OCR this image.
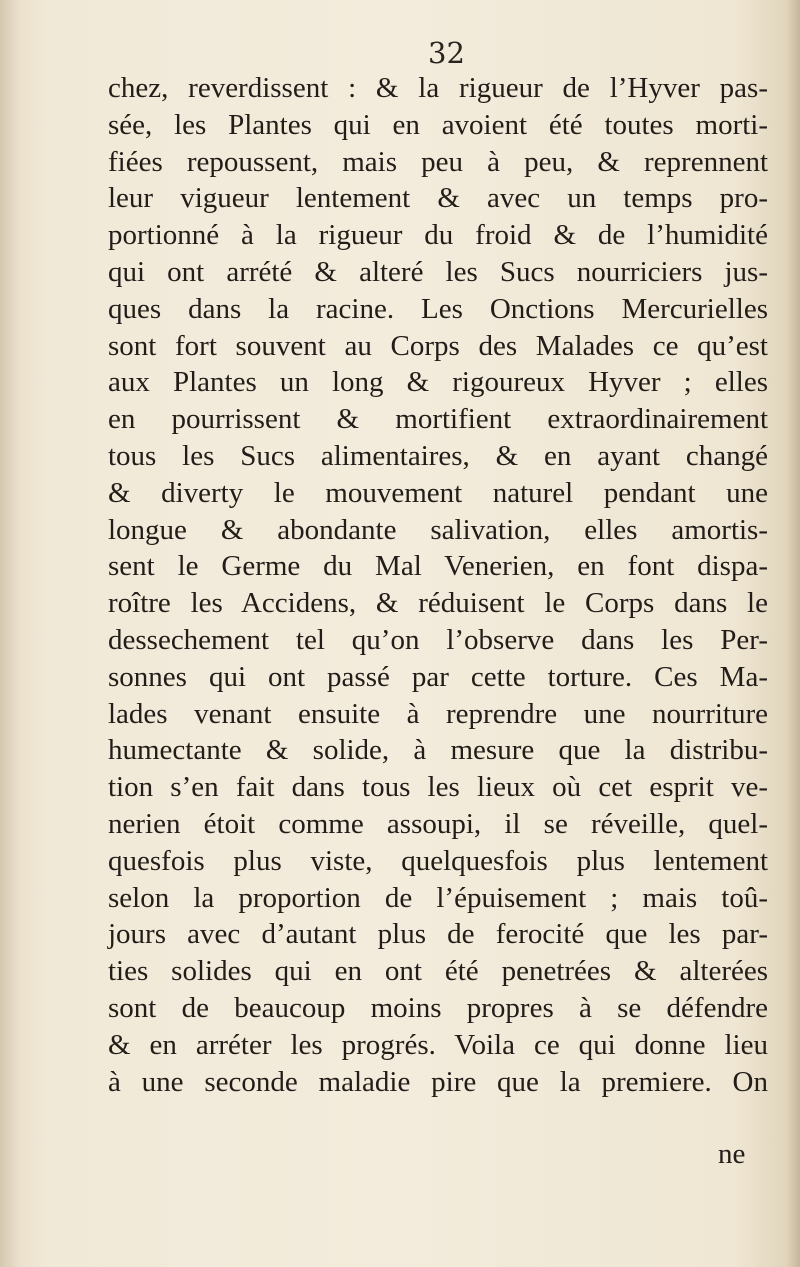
32
chez, reverdissent : & la rigueur de l’Hyver pas-
sée, les Plantes qui en avoient été toutes morti-
fiées repoussent, mais peu à peu, & reprennent
leur vigueur lentement & avec un temps pro-
portionné à la rigueur du froid & de l’humidité
qui ont arrété & alteré les Sucs nourriciers jus-
ques dans la racine. Les Onctions Mercurielles
sont fort souvent au Corps des Malades ce qu’est
aux Plantes un long & rigoureux Hyver ; elles
en pourrissent & mortifient extraordinairement
tous les Sucs alimentaires, & en ayant changé
& diverty le mouvement naturel pendant une
longue & abondante salivation, elles amortis-
sent le Germe du Mal Venerien, en font dispa-
roître les Accidens, & réduisent le Corps dans le
dessechement tel qu’on l’observe dans les Per-
sonnes qui ont passé par cette torture. Ces Ma-
lades venant ensuite à reprendre une nourriture
humectante & solide, à mesure que la distribu-
tion s’en fait dans tous les lieux où cet esprit ve-
nerien étoit comme assoupi, il se réveille, quel-
quesfois plus viste, quelquesfois plus lentement
selon la proportion de l’épuisement ; mais toû-
jours avec d’autant plus de ferocité que les par-
ties solides qui en ont été penetrées & alterées
sont de beaucoup moins propres à se défendre
& en arréter les progrés. Voila ce qui donne lieu
à une seconde maladie pire que la premiere. On
ne
